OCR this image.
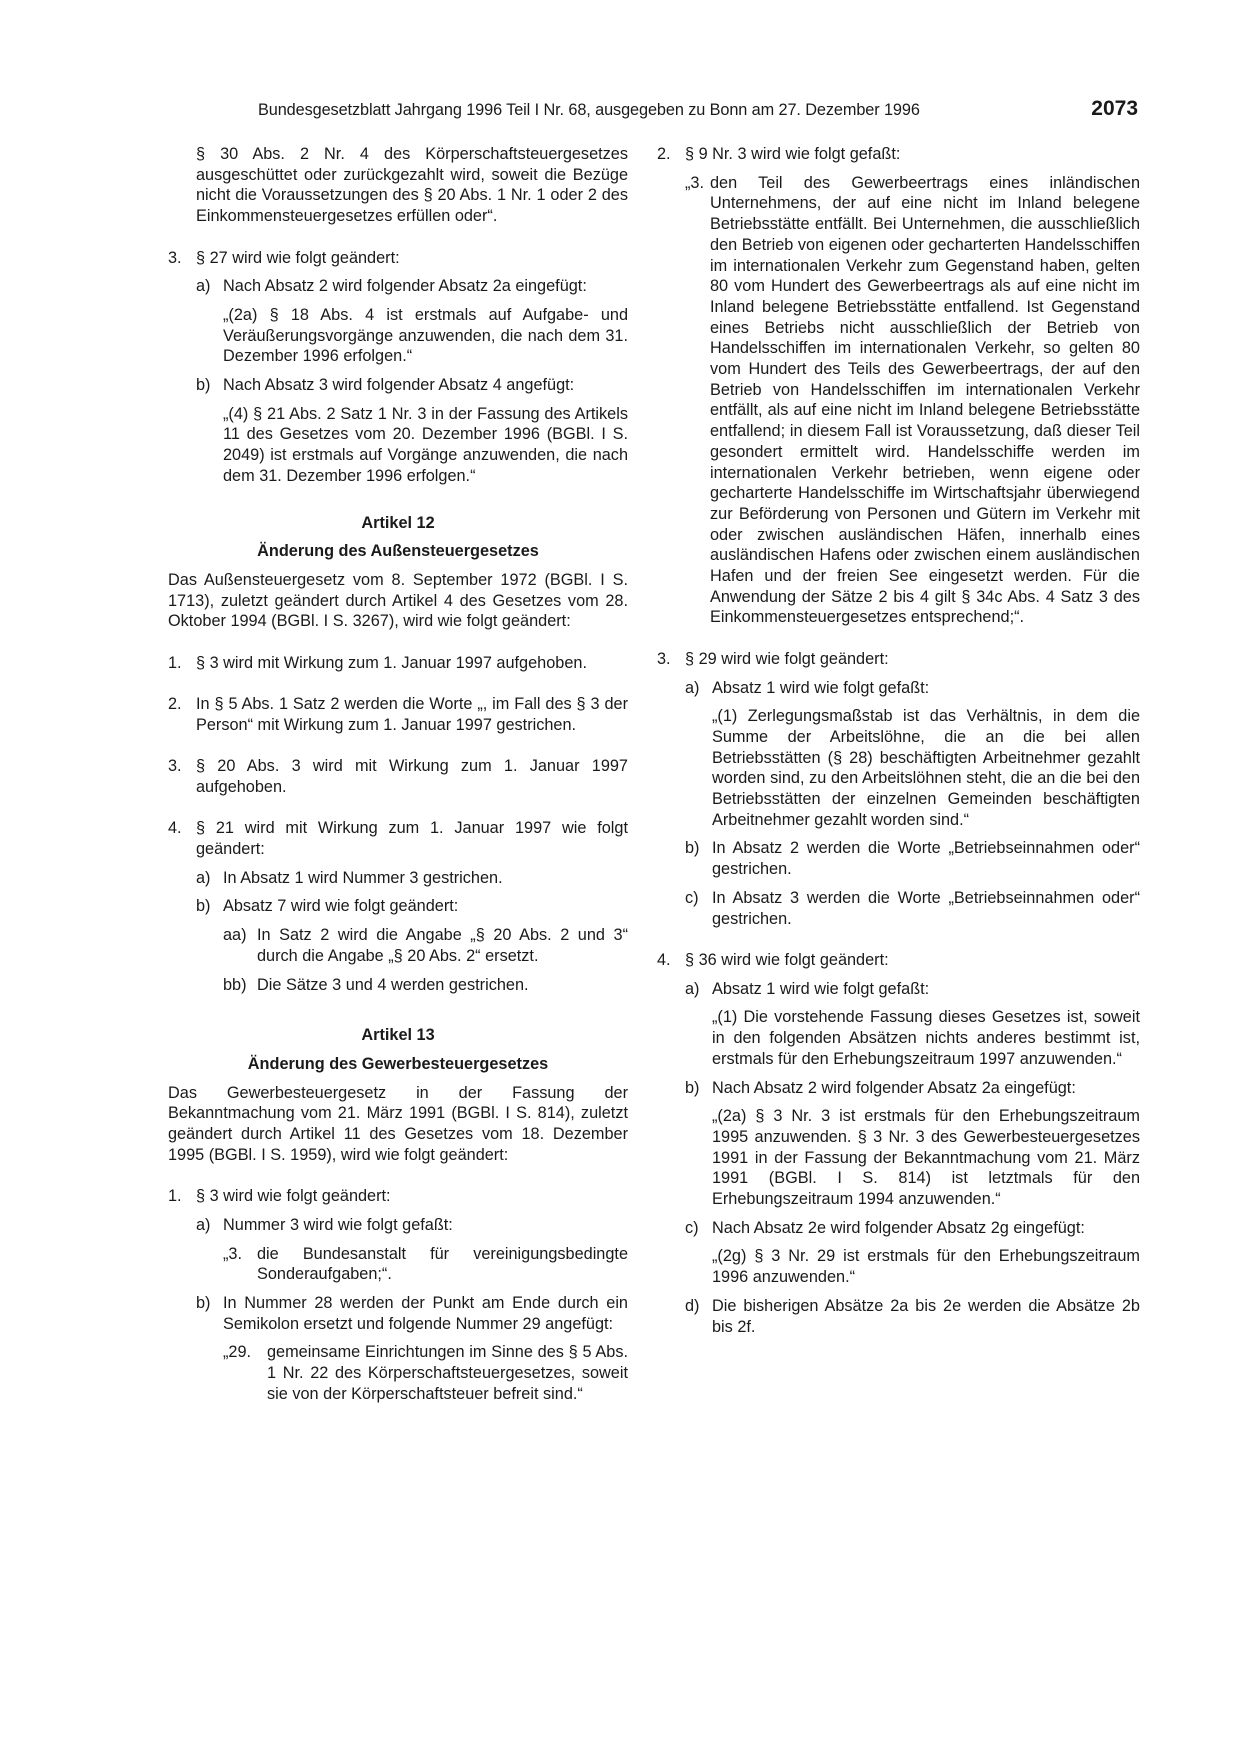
Bundesgesetzblatt Jahrgang 1996 Teil I Nr. 68, ausgegeben zu Bonn am 27. Dezember 1996	2073

§ 30 Abs. 2 Nr. 4 des Körperschaftsteuergesetzes ausgeschüttet oder zurückgezahlt wird, soweit die Bezüge nicht die Voraussetzungen des § 20 Abs. 1 Nr. 1 oder 2 des Einkommensteuergesetzes erfüllen oder“.

3. § 27 wird wie folgt geändert:
a) Nach Absatz 2 wird folgender Absatz 2a eingefügt:

„(2a) § 18 Abs. 4 ist erstmals auf Aufgabe- und Veräußerungsvorgänge anzuwenden, die nach dem 31. Dezember 1996 erfolgen.“

b) Nach Absatz 3 wird folgender Absatz 4 angefügt:

„(4) § 21 Abs. 2 Satz 1 Nr. 3 in der Fassung des Artikels 11 des Gesetzes vom 20. Dezember 1996 (BGBl. I S. 2049) ist erstmals auf Vorgänge anzuwenden, die nach dem 31. Dezember 1996 erfolgen.“

Artikel 12

Änderung des Außensteuergesetzes

Das Außensteuergesetz vom 8. September 1972 (BGBl. I S. 1713), zuletzt geändert durch Artikel 4 des Gesetzes vom 28. Oktober 1994 (BGBl. I S. 3267), wird wie folgt geändert:

1. § 3 wird mit Wirkung zum 1. Januar 1997 aufgehoben.
2. In § 5 Abs. 1 Satz 2 werden die Worte „, im Fall des § 3 der Person“ mit Wirkung zum 1. Januar 1997 gestrichen.
3. § 20 Abs. 3 wird mit Wirkung zum 1. Januar 1997 aufgehoben.
4. § 21 wird mit Wirkung zum 1. Januar 1997 wie folgt geändert:
a) In Absatz 1 wird Nummer 3 gestrichen.
b) Absatz 7 wird wie folgt geändert:
aa) In Satz 2 wird die Angabe „§ 20 Abs. 2 und 3“ durch die Angabe „§ 20 Abs. 2“ ersetzt.
bb) Die Sätze 3 und 4 werden gestrichen.

Artikel 13

Änderung des Gewerbesteuergesetzes

Das Gewerbesteuergesetz in der Fassung der Bekanntmachung vom 21. März 1991 (BGBl. I S. 814), zuletzt geändert durch Artikel 11 des Gesetzes vom 18. Dezember 1995 (BGBl. I S. 1959), wird wie folgt geändert:

1. § 3 wird wie folgt geändert:
a) Nummer 3 wird wie folgt gefaßt:
„3. die Bundesanstalt für vereinigungsbedingte Sonderaufgaben;“.
b) In Nummer 28 werden der Punkt am Ende durch ein Semikolon ersetzt und folgende Nummer 29 angefügt:
„29. gemeinsame Einrichtungen im Sinne des § 5 Abs. 1 Nr. 22 des Körperschaftsteuergesetzes, soweit sie von der Körperschaftsteuer befreit sind.“
2. § 9 Nr. 3 wird wie folgt gefaßt:
„3. den Teil des Gewerbeertrags eines inländischen Unternehmens, der auf eine nicht im Inland belegene Betriebsstätte entfällt. Bei Unternehmen, die ausschließlich den Betrieb von eigenen oder gecharterten Handelsschiffen im internationalen Verkehr zum Gegenstand haben, gelten 80 vom Hundert des Gewerbeertrags als auf eine nicht im Inland belegene Betriebsstätte entfallend. Ist Gegenstand eines Betriebs nicht ausschließlich der Betrieb von Handelsschiffen im internationalen Verkehr, so gelten 80 vom Hundert des Teils des Gewerbeertrags, der auf den Betrieb von Handelsschiffen im internationalen Verkehr entfällt, als auf eine nicht im Inland belegene Betriebsstätte entfallend; in diesem Fall ist Voraussetzung, daß dieser Teil gesondert ermittelt wird. Handelsschiffe werden im internationalen Verkehr betrieben, wenn eigene oder gecharterte Handelsschiffe im Wirtschaftsjahr überwiegend zur Beförderung von Personen und Gütern im Verkehr mit oder zwischen ausländischen Häfen, innerhalb eines ausländischen Hafens oder zwischen einem ausländischen Hafen und der freien See eingesetzt werden. Für die Anwendung der Sätze 2 bis 4 gilt § 34c Abs. 4 Satz 3 des Einkommensteuergesetzes entsprechend;“.
3. § 29 wird wie folgt geändert:
a) Absatz 1 wird wie folgt gefaßt:

„(1) Zerlegungsmaßstab ist das Verhältnis, in dem die Summe der Arbeitslöhne, die an die bei allen Betriebsstätten (§ 28) beschäftigten Arbeitnehmer gezahlt worden sind, zu den Arbeitslöhnen steht, die an die bei den Betriebsstätten der einzelnen Gemeinden beschäftigten Arbeitnehmer gezahlt worden sind.“

b) In Absatz 2 werden die Worte „Betriebseinnahmen oder“ gestrichen.
c) In Absatz 3 werden die Worte „Betriebseinnahmen oder“ gestrichen.
4. § 36 wird wie folgt geändert:
a) Absatz 1 wird wie folgt gefaßt:

„(1) Die vorstehende Fassung dieses Gesetzes ist, soweit in den folgenden Absätzen nichts anderes bestimmt ist, erstmals für den Erhebungszeitraum 1997 anzuwenden.“

b) Nach Absatz 2 wird folgender Absatz 2a eingefügt:

„(2a) § 3 Nr. 3 ist erstmals für den Erhebungszeitraum 1995 anzuwenden. § 3 Nr. 3 des Gewerbesteuergesetzes 1991 in der Fassung der Bekanntmachung vom 21. März 1991 (BGBl. I S. 814) ist letztmals für den Erhebungszeitraum 1994 anzuwenden.“

c) Nach Absatz 2e wird folgender Absatz 2g eingefügt:

„(2g) § 3 Nr. 29 ist erstmals für den Erhebungszeitraum 1996 anzuwenden.“

d) Die bisherigen Absätze 2a bis 2e werden die Absätze 2b bis 2f.
